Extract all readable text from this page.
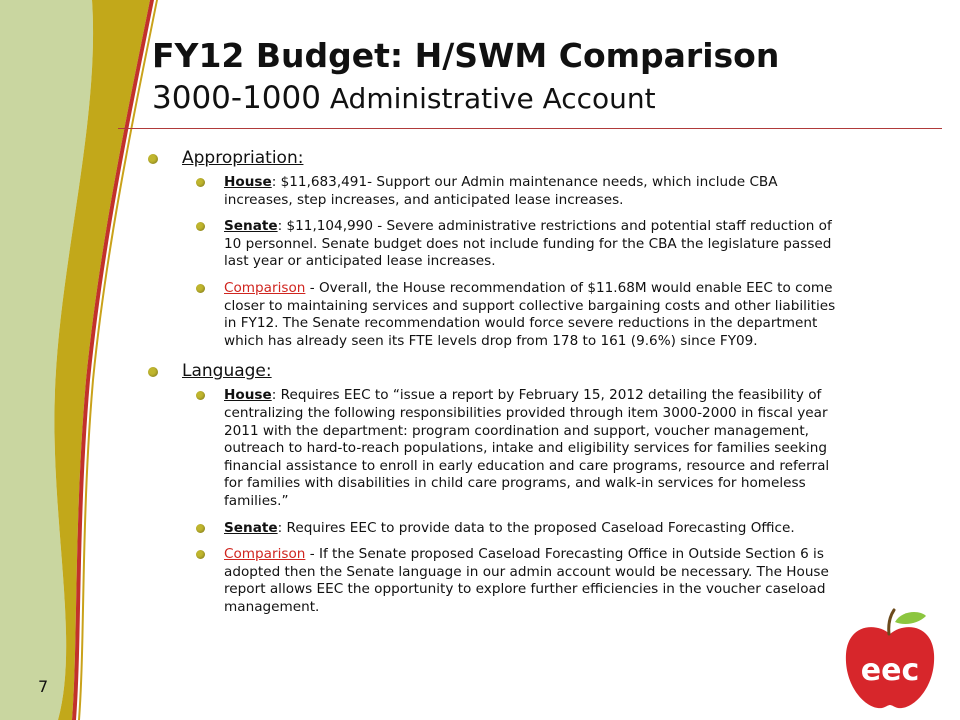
FY12 Budget: H/SWM Comparison
3000-1000 Administrative Account
Appropriation:
House: $11,683,491- Support our Admin maintenance needs, which include CBA increases, step increases, and anticipated lease increases.
Senate: $11,104,990 - Severe administrative restrictions and potential staff reduction of 10 personnel. Senate budget does not include funding for the CBA the legislature passed last year or anticipated lease increases.
Comparison - Overall, the House recommendation of $11.68M would enable EEC to come closer to maintaining services and support collective bargaining costs and other liabilities in FY12. The Senate recommendation would force severe reductions in the department which has already seen its FTE levels drop from 178 to 161 (9.6%) since FY09.
Language:
House: Requires EEC to “issue a report by February 15, 2012 detailing the feasibility of centralizing the following responsibilities provided through item 3000-2000 in fiscal year 2011 with the department: program coordination and support, voucher management, outreach to hard-to-reach populations, intake and eligibility services for families seeking financial assistance to enroll in early education and care programs, resource and referral for families with disabilities in child care programs, and walk-in services for homeless families.”
Senate: Requires EEC to provide data to the proposed Caseload Forecasting Office.
Comparison - If the Senate proposed Caseload Forecasting Office in Outside Section 6 is adopted then the Senate language in our admin account would be necessary. The House report allows EEC the opportunity to explore further efficiencies in the voucher caseload management.
7	eec
